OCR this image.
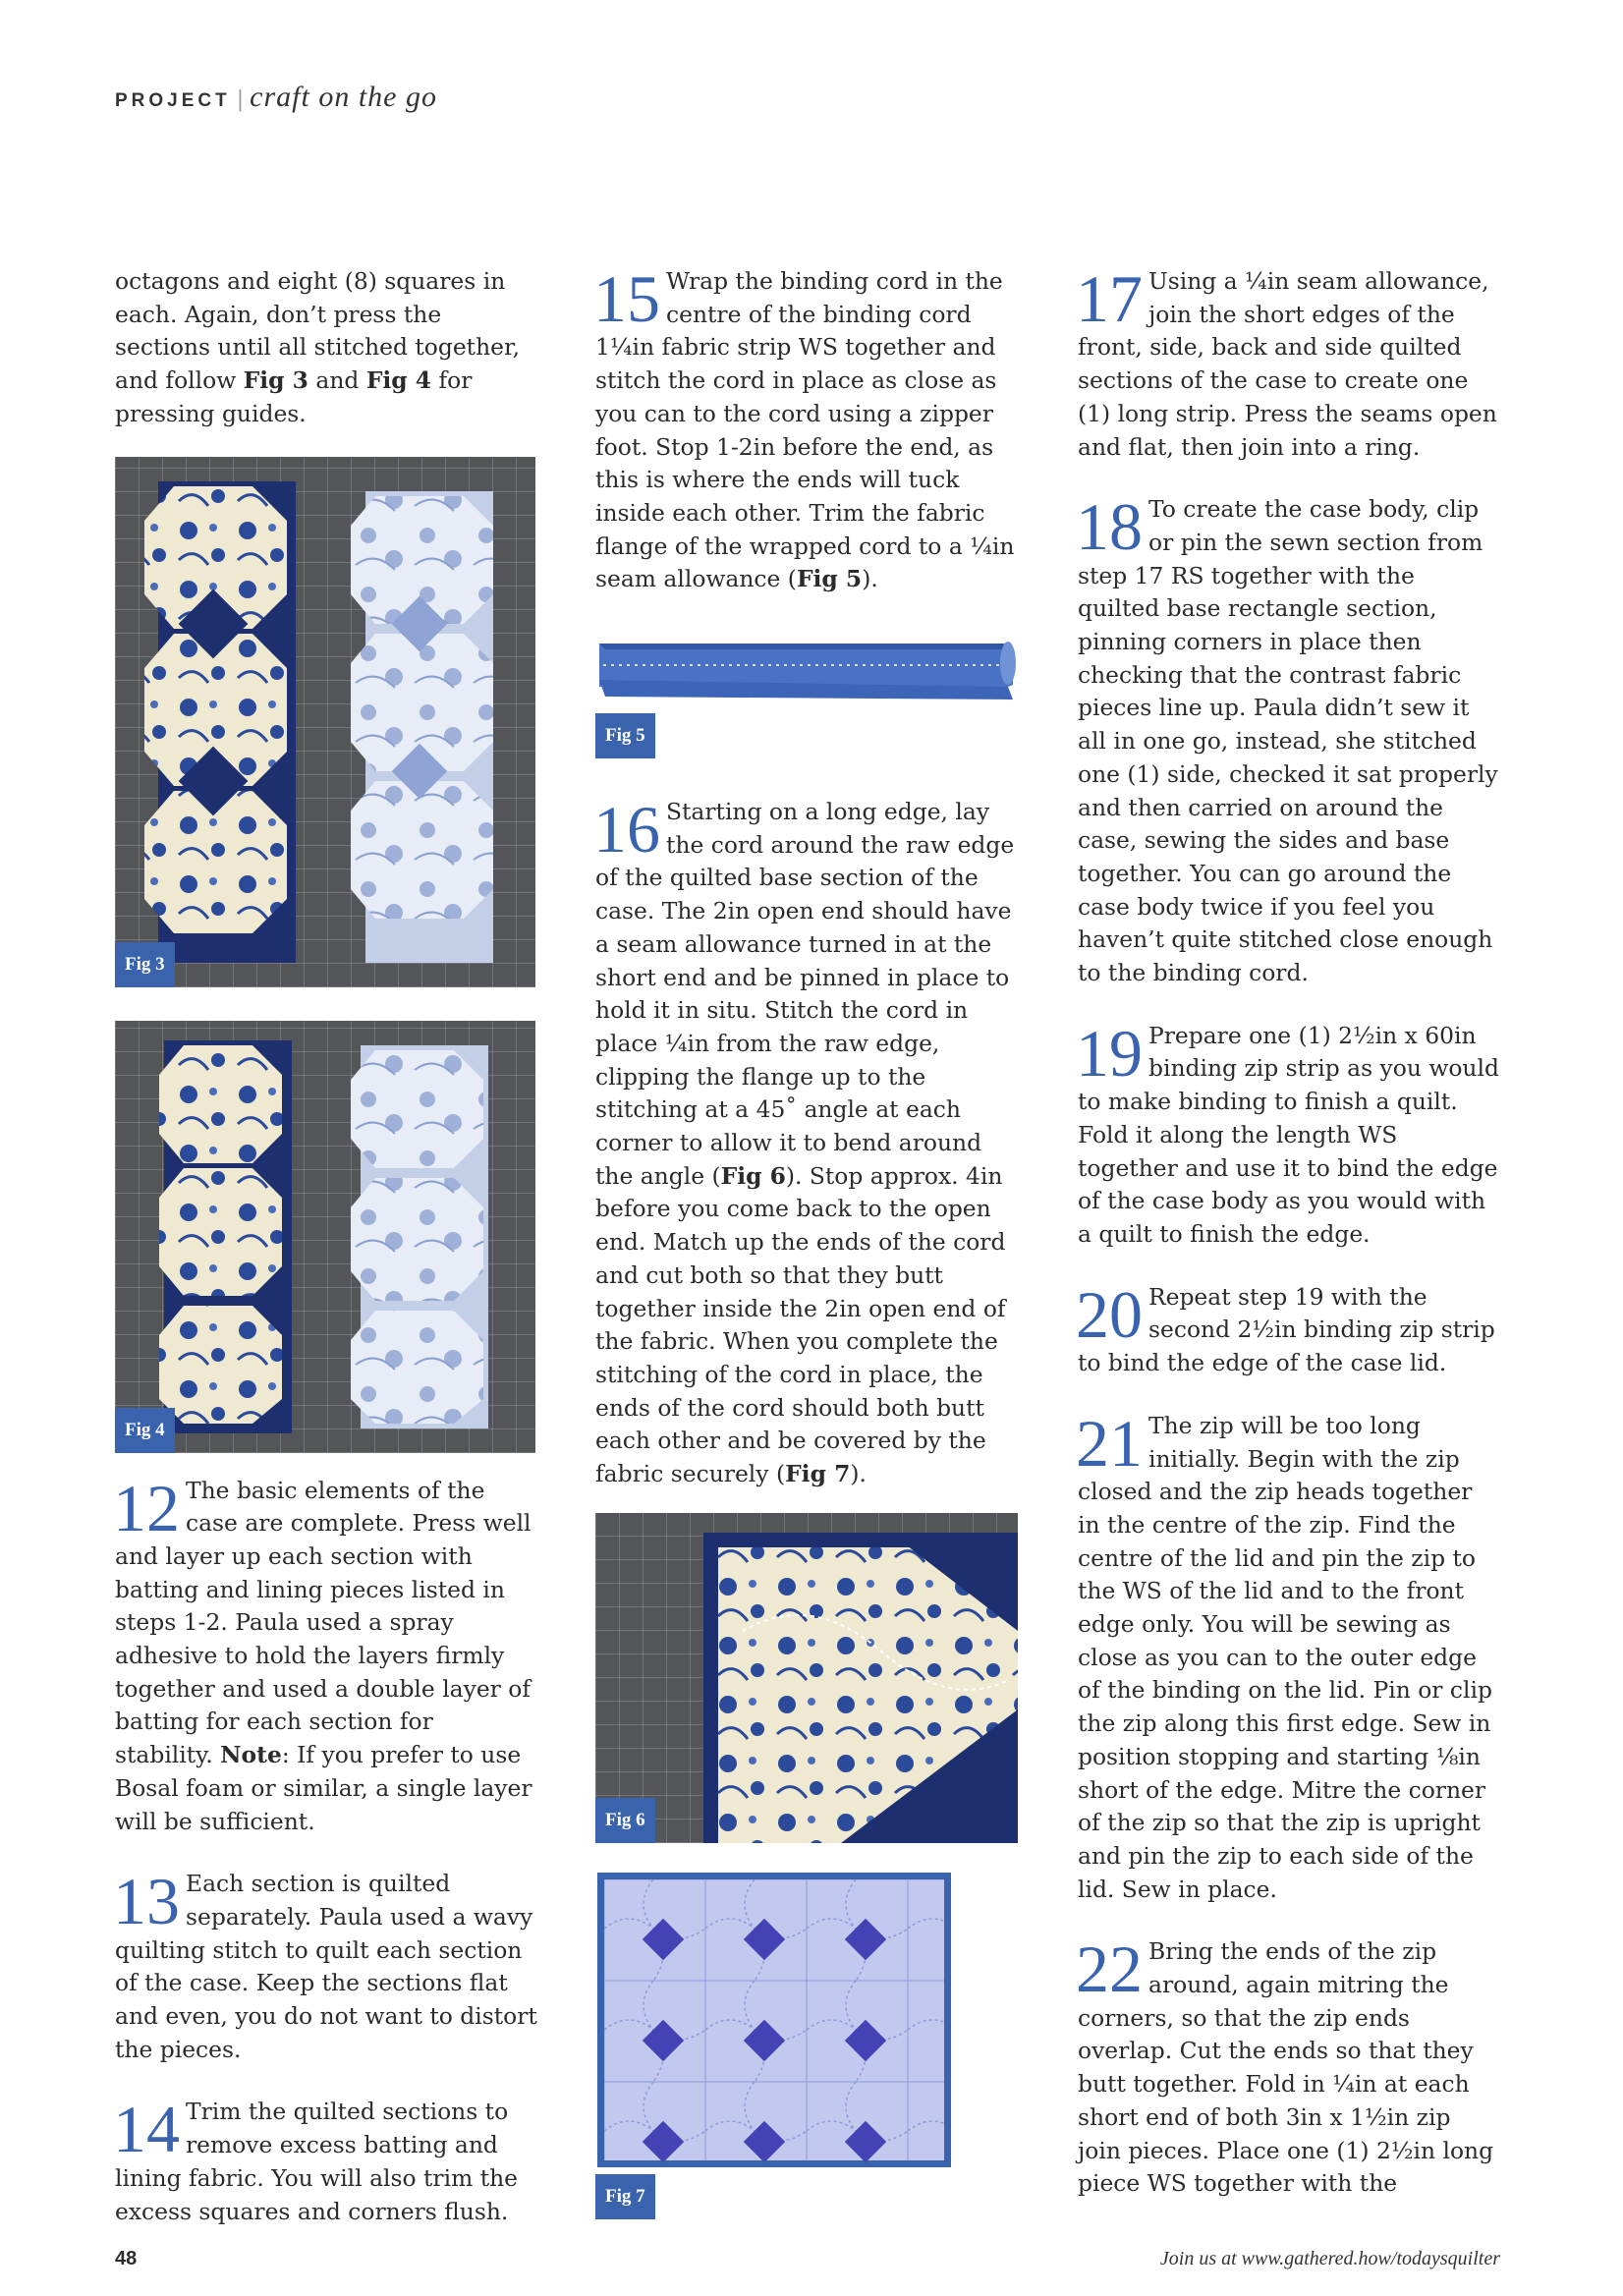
PROJECT | craft on the go

octagons and eight (8) squares in each. Again, don’t press the sections until all stitched together, and follow Fig 3 and Fig 4 for pressing guides.

Fig 3
Fig 4

12 The basic elements of the case are complete. Press well and layer up each section with batting and lining pieces listed in steps 1-2. Paula used a spray adhesive to hold the layers firmly together and used a double layer of batting for each section for stability. Note: If you prefer to use Bosal foam or similar, a single layer will be sufficient.

13 Each section is quilted separately. Paula used a wavy quilting stitch to quilt each section of the case. Keep the sections flat and even, you do not want to distort the pieces.

14 Trim the quilted sections to remove excess batting and lining fabric. You will also trim the excess squares and corners flush.

15 Wrap the binding cord in the centre of the binding cord 1¼in fabric strip WS together and stitch the cord in place as close as you can to the cord using a zipper foot. Stop 1-2in before the end, as this is where the ends will tuck inside each other. Trim the fabric flange of the wrapped cord to a ¼in seam allowance (Fig 5).

Fig 5

16 Starting on a long edge, lay the cord around the raw edge of the quilted base section of the case. The 2in open end should have a seam allowance turned in at the short end and be pinned in place to hold it in situ. Stitch the cord in place ¼in from the raw edge, clipping the flange up to the stitching at a 45˚ angle at each corner to allow it to bend around the angle (Fig 6). Stop approx. 4in before you come back to the open end. Match up the ends of the cord and cut both so that they butt together inside the 2in open end of the fabric. When you complete the stitching of the cord in place, the ends of the cord should both butt each other and be covered by the fabric securely (Fig 7).

Fig 6
Fig 7

17 Using a ¼in seam allowance, join the short edges of the front, side, back and side quilted sections of the case to create one (1) long strip. Press the seams open and flat, then join into a ring.

18 To create the case body, clip or pin the sewn section from step 17 RS together with the quilted base rectangle section, pinning corners in place then checking that the contrast fabric pieces line up. Paula didn’t sew it all in one go, instead, she stitched one (1) side, checked it sat properly and then carried on around the case, sewing the sides and base together. You can go around the case body twice if you feel you haven’t quite stitched close enough to the binding cord.

19 Prepare one (1) 2½in x 60in binding zip strip as you would to make binding to finish a quilt. Fold it along the length WS together and use it to bind the edge of the case body as you would with a quilt to finish the edge.

20 Repeat step 19 with the second 2½in binding zip strip to bind the edge of the case lid.

21 The zip will be too long initially. Begin with the zip closed and the zip heads together in the centre of the zip. Find the centre of the lid and pin the zip to the WS of the lid and to the front edge only. You will be sewing as close as you can to the outer edge of the binding on the lid. Pin or clip the zip along this first edge. Sew in position stopping and starting ⅛in short of the edge. Mitre the corner of the zip so that the zip is upright and pin the zip to each side of the lid. Sew in place.

22 Bring the ends of the zip around, again mitring the corners, so that the zip ends overlap. Cut the ends so that they butt together. Fold in ¼in at each short end of both 3in x 1½in zip join pieces. Place one (1) 2½in long piece WS together with the

48	Join us at www.gathered.how/todaysquilter
